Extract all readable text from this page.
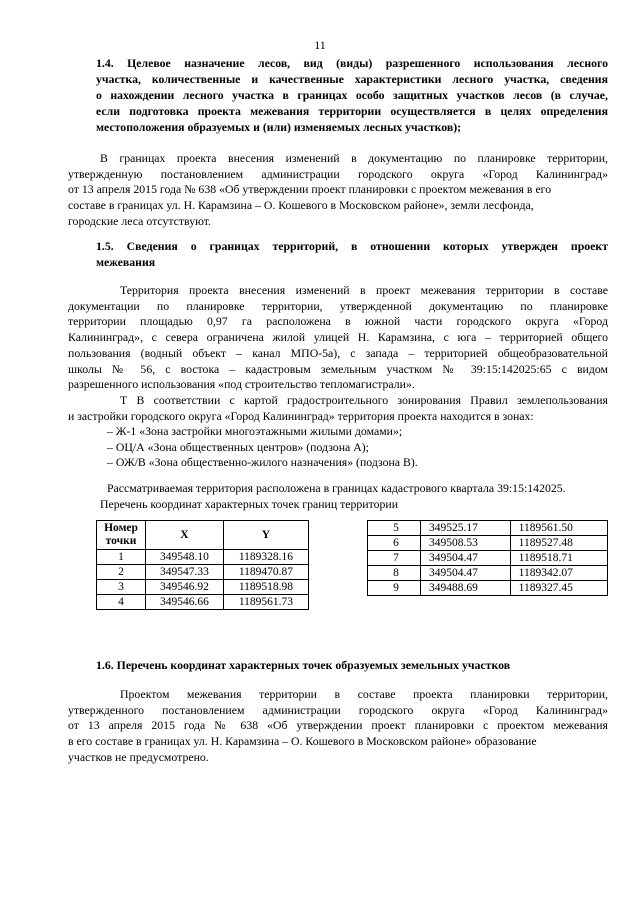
11
1.4. Целевое назначение лесов, вид (виды) разрешенного использования лесного
участка, количественные и качественные характеристики лесного участка, сведения
о нахождении лесного участка в границах особо защитных участков лесов (в случае,
если подготовка проекта межевания территории осуществляется в целях определения
местоположения образуемых и (или) изменяемых лесных участков);
В границах проекта внесения изменений в документацию по планировке территории,
утвержденную постановлением администрации городского округа «Город Калининград»
от 13 апреля 2015 года № 638 «Об утверждении проект планировки с проектом межевания в его
составе в границах ул. Н. Карамзина – О. Кошевого в Московском районе», земли лесфонда,
городские леса отсутствуют.
1.5. Сведения о границах территорий, в отношении которых утвержден проект
межевания
Территория проекта внесения изменений в проект межевания территории в составе
документации по планировке территории, утвержденной документацию по планировке
территории площадью 0,97 га расположена в южной части городского округа «Город
Калининград», с севера ограничена жилой улицей Н. Карамзина, с юга – территорией общего
пользования (водный объект – канал МПО-5а), с запада – территорией общеобразовательной
школы № 56, с востока – кадастровым земельным участком № 39:15:142025:65 с видом
разрешенного использования «под строительство тепломагистрали».
Т В соответствии с картой градостроительного зонирования Правил землепользования
и застройки городского округа «Город Калининград» территория проекта находится в зонах:
– Ж-1 «Зона застройки многоэтажными жилыми домами»;
– ОЦ/А «Зона общественных центров» (подзона А);
– ОЖ/В «Зона общественно-жилого назначения» (подзона В).
Рассматриваемая территория расположена в границах кадастрового квартала 39:15:142025.
Перечень координат характерных точек границ территории
Номер точки	X	Y
1	349548.10	1189328.16
2	349547.33	1189470.87
3	349546.92	1189518.98
4	349546.66	1189561.73
5	349525.17	1189561.50
6	349508.53	1189527.48
7	349504.47	1189518.71
8	349504.47	1189342.07
9	349488.69	1189327.45
1.6. Перечень координат характерных точек образуемых земельных участков
Проектом межевания территории в составе проекта планировки территории,
утвержденного постановлением администрации городского округа «Город Калининград»
от 13 апреля 2015 года № 638 «Об утверждении проект планировки с проектом межевания
в его составе в границах ул. Н. Карамзина – О. Кошевого в Московском районе» образование
участков не предусмотрено.
